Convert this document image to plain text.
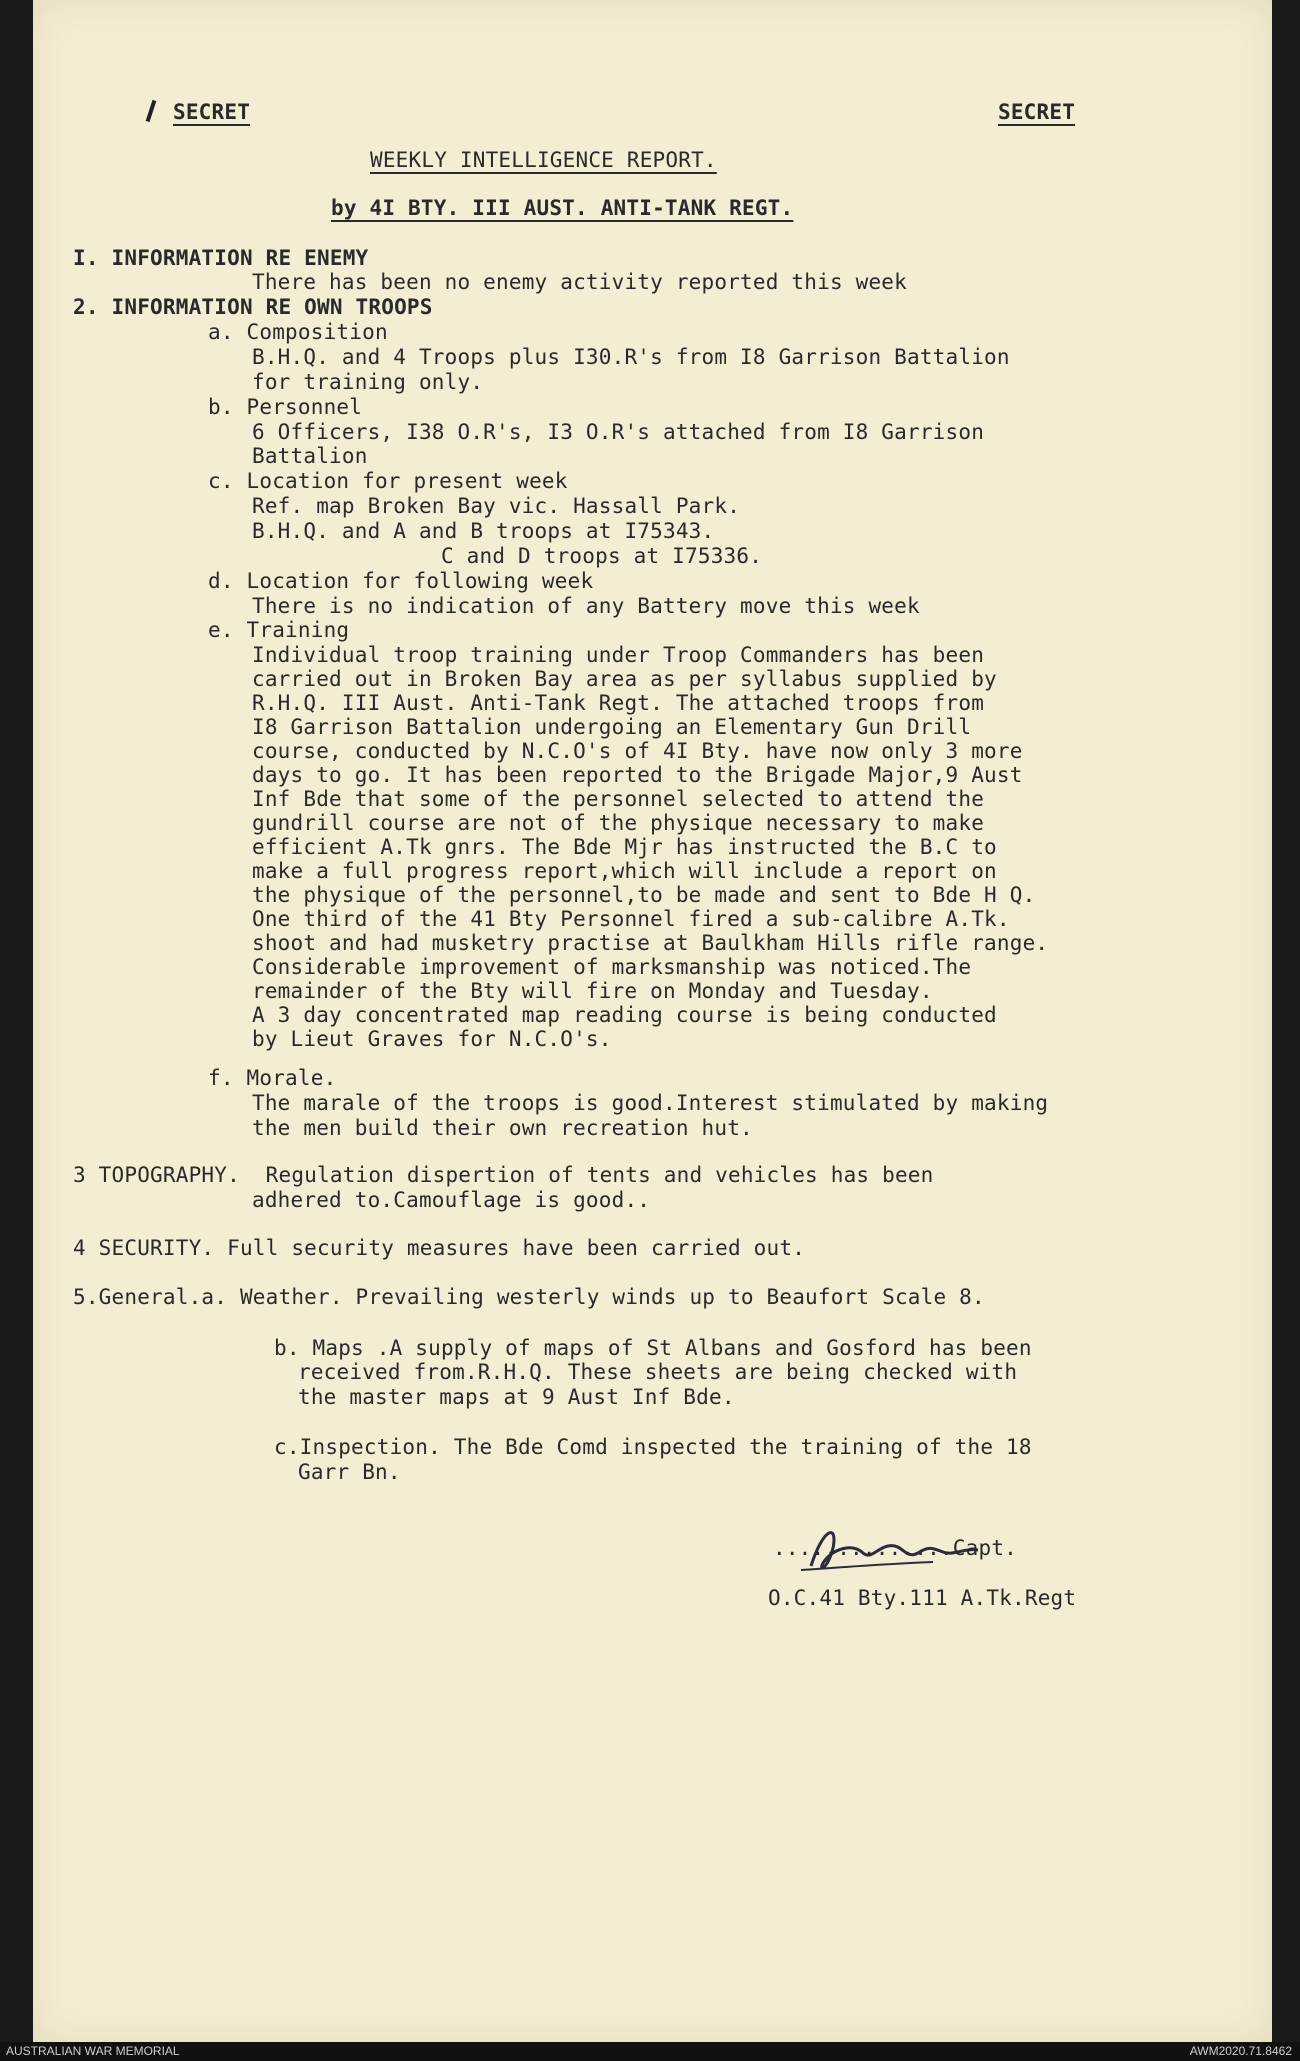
SECRET	SECRET
WEEKLY INTELLIGENCE REPORT.
by 4I BTY. III AUST. ANTI-TANK REGT.
I. INFORMATION RE ENEMY
There has been no enemy activity reported this week
2. INFORMATION RE OWN TROOPS
a. Composition
B.H.Q. and 4 Troops plus I30.R's from I8 Garrison Battalion
for training only.
b. Personnel
6 Officers, I38 O.R's, I3 O.R's attached from I8 Garrison
Battalion
c. Location for present week
Ref. map Broken Bay vic. Hassall Park.
B.H.Q. and A and B troops at I75343.
C and D troops at I75336.
d. Location for following week
There is no indication of any Battery move this week
e. Training
Individual troop training under Troop Commanders has been
carried out in Broken Bay area as per syllabus supplied by
R.H.Q. III Aust. Anti-Tank Regt. The attached troops from
I8 Garrison Battalion undergoing an Elementary Gun Drill
course, conducted by N.C.O's of 4I Bty. have now only 3 more
days to go. It has been reported to the Brigade Major,9 Aust
Inf Bde that some of the personnel selected to attend the
gundrill course are not of the physique necessary to make
efficient A.Tk gnrs. The Bde Mjr has instructed the B.C to
make a full progress report,which will include a report on
the physique of the personnel,to be made and sent to Bde H Q.
One third of the 41 Bty Personnel fired a sub-calibre A.Tk.
shoot and had musketry practise at Baulkham Hills rifle range.
Considerable improvement of marksmanship was noticed.The
remainder of the Bty will fire on Monday and Tuesday.
A 3 day concentrated map reading course is being conducted
by Lieut Graves for N.C.O's.
f. Morale.
The marale of the troops is good.Interest stimulated by making
the men build their own recreation hut.
3 TOPOGRAPHY.  Regulation dispertion of tents and vehicles has been
adhered to.Camouflage is good..
4 SECURITY. Full security measures have been carried out.
5.General.a. Weather. Prevailing westerly winds up to Beaufort Scale 8.
b. Maps .A supply of maps of St Albans and Gosford has been
received from.R.H.Q. These sheets are being checked with
the master maps at 9 Aust Inf Bde.
c.Inspection. The Bde Comd inspected the training of the 18
Garr Bn.
..............Capt.
O.C.41 Bty.111 A.Tk.Regt
AUSTRALIAN WAR MEMORIAL	AWM2020.71.8462
